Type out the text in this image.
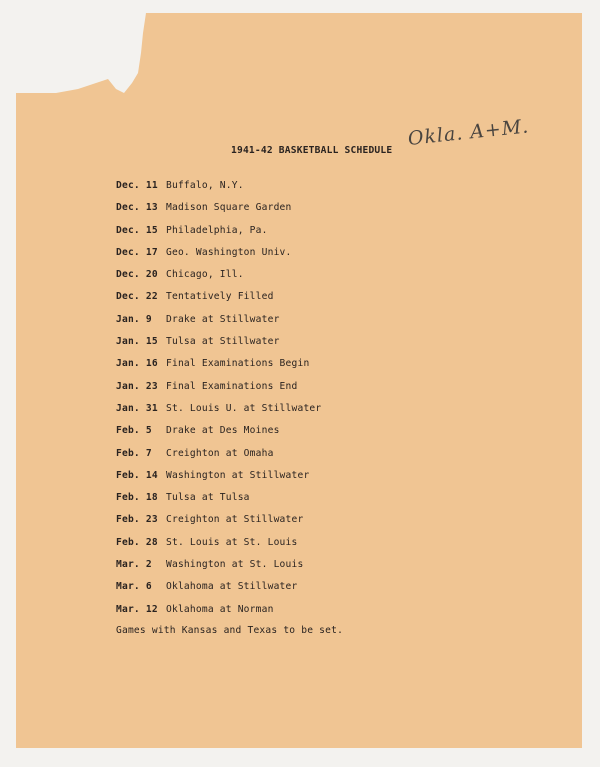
1941-42 BASKETBALL SCHEDULE
Okla. A+M.
Dec. 11 Buffalo, N.Y.
Dec. 13 Madison Square Garden
Dec. 15 Philadelphia, Pa.
Dec. 17 Geo. Washington Univ.
Dec. 20 Chicago, Ill.
Dec. 22 Tentatively Filled
Jan. 9	Drake at Stillwater
Jan. 15 Tulsa at Stillwater
Jan. 16 Final Examinations Begin
Jan. 23 Final Examinations End
Jan. 31 St. Louis U. at Stillwater
Feb. 5	Drake at Des Moines
Feb. 7	Creighton at Omaha
Feb. 14 Washington at Stillwater
Feb. 18 Tulsa at Tulsa
Feb. 23 Creighton at Stillwater
Feb. 28 St. Louis at St. Louis
Mar. 2	Washington at St. Louis
Mar. 6	Oklahoma at Stillwater
Mar. 12 Oklahoma at Norman
Games with Kansas and Texas to be set.
